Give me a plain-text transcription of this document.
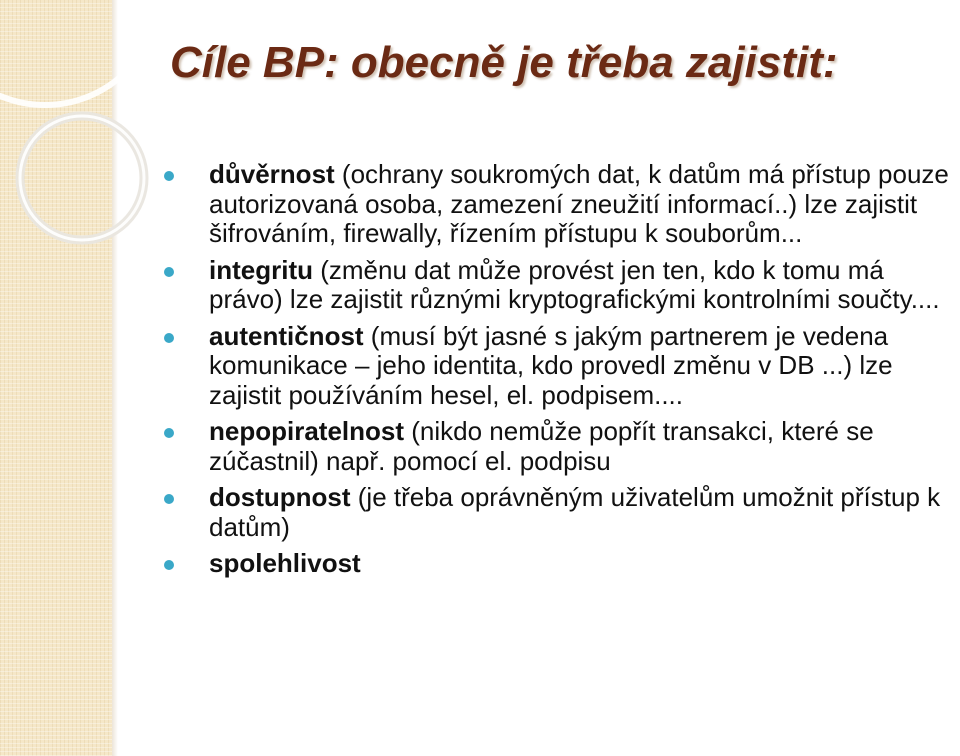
Cíle BP: obecně je třeba zajistit:
důvěrnost (ochrany soukromých dat, k datům má přístup pouze autorizovaná osoba, zamezení zneužití informací..) lze zajistit šifrováním, firewally, řízením přístupu k souborům...
integritu (změnu dat může provést jen ten, kdo k tomu má právo) lze zajistit různými kryptografickými kontrolními součty....
autentičnost (musí být jasné s jakým partnerem je vedena komunikace – jeho identita, kdo provedl změnu v DB ...) lze zajistit používáním hesel, el. podpisem....
nepopiratelnost (nikdo nemůže popřít transakci, které se zúčastnil) např. pomocí el. podpisu
dostupnost (je třeba oprávněným uživatelům umožnit přístup k datům)
spolehlivost
